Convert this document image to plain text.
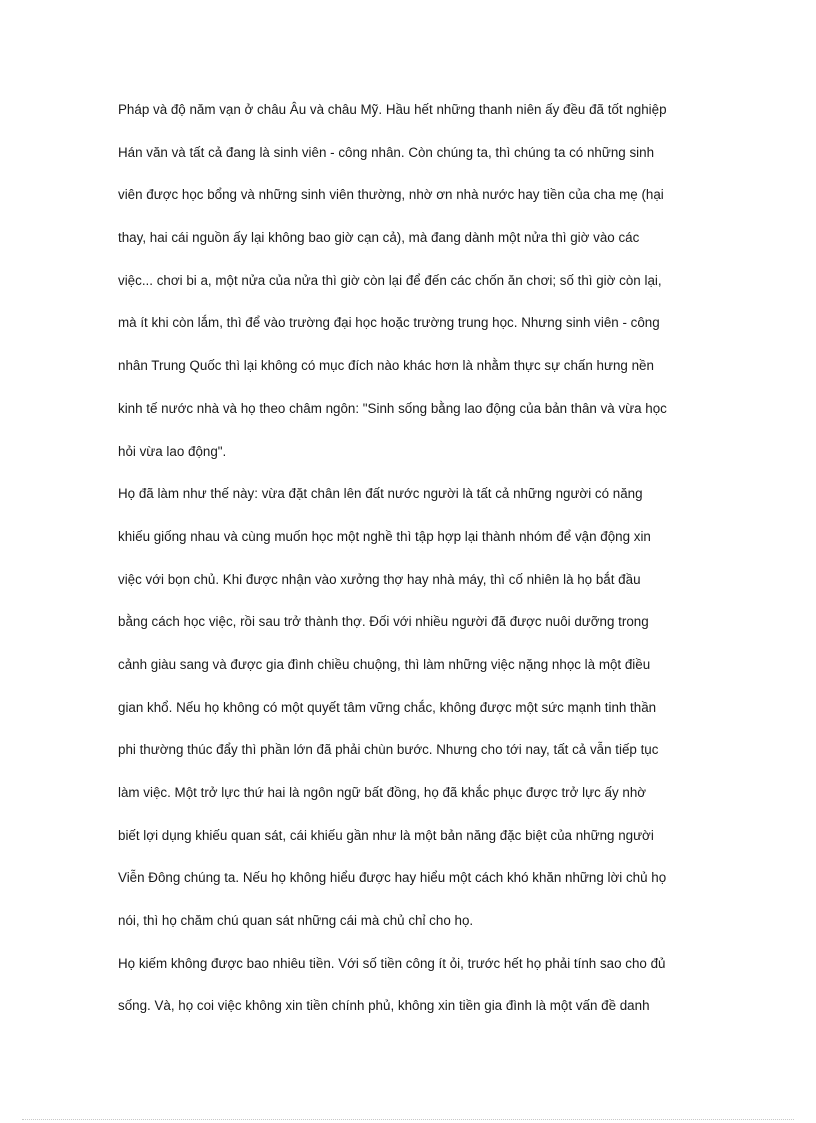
Pháp và độ năm vạn ở châu Âu và châu Mỹ. Hầu hết những thanh niên ấy đều đã tốt nghiệp
Hán văn và tất cả đang là sinh viên - công nhân. Còn chúng ta, thì chúng ta có những sinh
viên được học bổng và những sinh viên thường, nhờ ơn nhà nước hay tiền của cha mẹ (hại
thay, hai cái nguồn ấy lại không bao giờ cạn cả), mà đang dành một nửa thì giờ vào các
việc... chơi bi a, một nửa của nửa thì giờ còn lại để đến các chốn ăn chơi; số thì giờ còn lại,
mà ít khi còn lắm, thì để vào trường đại học hoặc trường trung học. Nhưng sinh viên - công
nhân Trung Quốc thì lại không có mục đích nào khác hơn là nhằm thực sự chấn hưng nền
kinh tế nước nhà và họ theo châm ngôn: "Sinh sống bằng lao động của bản thân và vừa học
hỏi vừa lao động".
Họ đã làm như thế này: vừa đặt chân lên đất nước người là tất cả những người có năng
khiếu giống nhau và cùng muốn học một nghề thì tập hợp lại thành nhóm để vận động xin
việc với bọn chủ. Khi được nhận vào xưởng thợ hay nhà máy, thì cố nhiên là họ bắt đầu
bằng cách học việc, rồi sau trở thành thợ. Đối với nhiều người đã được nuôi dưỡng trong
cảnh giàu sang và được gia đình chiều chuộng, thì làm những việc nặng nhọc là một điều
gian khổ. Nếu họ không có một quyết tâm vững chắc, không được một sức mạnh tinh thần
phi thường thúc đẩy thì phần lớn đã phải chùn bước. Nhưng cho tới nay, tất cả vẫn tiếp tục
làm việc. Một trở lực thứ hai là ngôn ngữ bất đồng, họ đã khắc phục được trở lực ấy nhờ
biết lợi dụng khiếu quan sát, cái khiếu gần như là một bản năng đặc biệt của những người
Viễn Đông chúng ta. Nếu họ không hiểu được hay hiểu một cách khó khăn những lời chủ họ
nói, thì họ chăm chú quan sát những cái mà chủ chỉ cho họ.
Họ kiếm không được bao nhiêu tiền. Với số tiền công ít ỏi, trước hết họ phải tính sao cho đủ
sống. Và, họ coi việc không xin tiền chính phủ, không xin tiền gia đình là một vấn đề danh
